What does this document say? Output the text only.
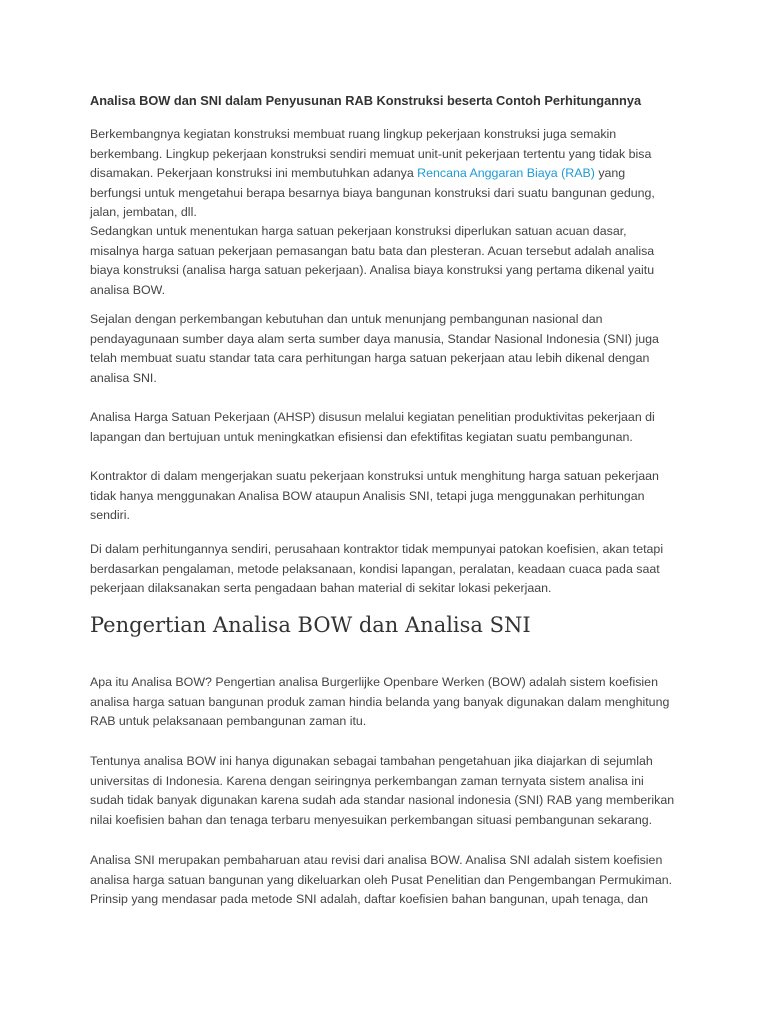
Analisa BOW dan SNI dalam Penyusunan RAB Konstruksi beserta Contoh Perhitungannya

Berkembangnya kegiatan konstruksi membuat ruang lingkup pekerjaan konstruksi juga semakin
berkembang. Lingkup pekerjaan konstruksi sendiri memuat unit-unit pekerjaan tertentu yang tidak bisa
disamakan. Pekerjaan konstruksi ini membutuhkan adanya Rencana Anggaran Biaya (RAB) yang
berfungsi untuk mengetahui berapa besarnya biaya bangunan konstruksi dari suatu bangunan gedung,
jalan, jembatan, dll.

Sedangkan untuk menentukan harga satuan pekerjaan konstruksi diperlukan satuan acuan dasar,
misalnya harga satuan pekerjaan pemasangan batu bata dan plesteran. Acuan tersebut adalah analisa
biaya konstruksi (analisa harga satuan pekerjaan). Analisa biaya konstruksi yang pertama dikenal yaitu
analisa BOW.

Sejalan dengan perkembangan kebutuhan dan untuk menunjang pembangunan nasional dan
pendayagunaan sumber daya alam serta sumber daya manusia, Standar Nasional Indonesia (SNI) juga
telah membuat suatu standar tata cara perhitungan harga satuan pekerjaan atau lebih dikenal dengan
analisa SNI.

Analisa Harga Satuan Pekerjaan (AHSP) disusun melalui kegiatan penelitian produktivitas pekerjaan di
lapangan dan bertujuan untuk meningkatkan efisiensi dan efektifitas kegiatan suatu pembangunan.

Kontraktor di dalam mengerjakan suatu pekerjaan konstruksi untuk menghitung harga satuan pekerjaan
tidak hanya menggunakan Analisa BOW ataupun Analisis SNI, tetapi juga menggunakan perhitungan
sendiri.

Di dalam perhitungannya sendiri, perusahaan kontraktor tidak mempunyai patokan koefisien, akan tetapi
berdasarkan pengalaman, metode pelaksanaan, kondisi lapangan, peralatan, keadaan cuaca pada saat
pekerjaan dilaksanakan serta pengadaan bahan material di sekitar lokasi pekerjaan.

Pengertian Analisa BOW dan Analisa SNI

Apa itu Analisa BOW? Pengertian analisa Burgerlijke Openbare Werken (BOW) adalah sistem koefisien
analisa harga satuan bangunan produk zaman hindia belanda yang banyak digunakan dalam menghitung
RAB untuk pelaksanaan pembangunan zaman itu.

Tentunya analisa BOW ini hanya digunakan sebagai tambahan pengetahuan jika diajarkan di sejumlah
universitas di Indonesia. Karena dengan seiringnya perkembangan zaman ternyata sistem analisa ini
sudah tidak banyak digunakan karena sudah ada standar nasional indonesia (SNI) RAB yang memberikan
nilai koefisien bahan dan tenaga terbaru menyesuikan perkembangan situasi pembangunan sekarang.

Analisa SNI merupakan pembaharuan atau revisi dari analisa BOW. Analisa SNI adalah sistem koefisien
analisa harga satuan bangunan yang dikeluarkan oleh Pusat Penelitian dan Pengembangan Permukiman.
Prinsip yang mendasar pada metode SNI adalah, daftar koefisien bahan bangunan, upah tenaga, dan
